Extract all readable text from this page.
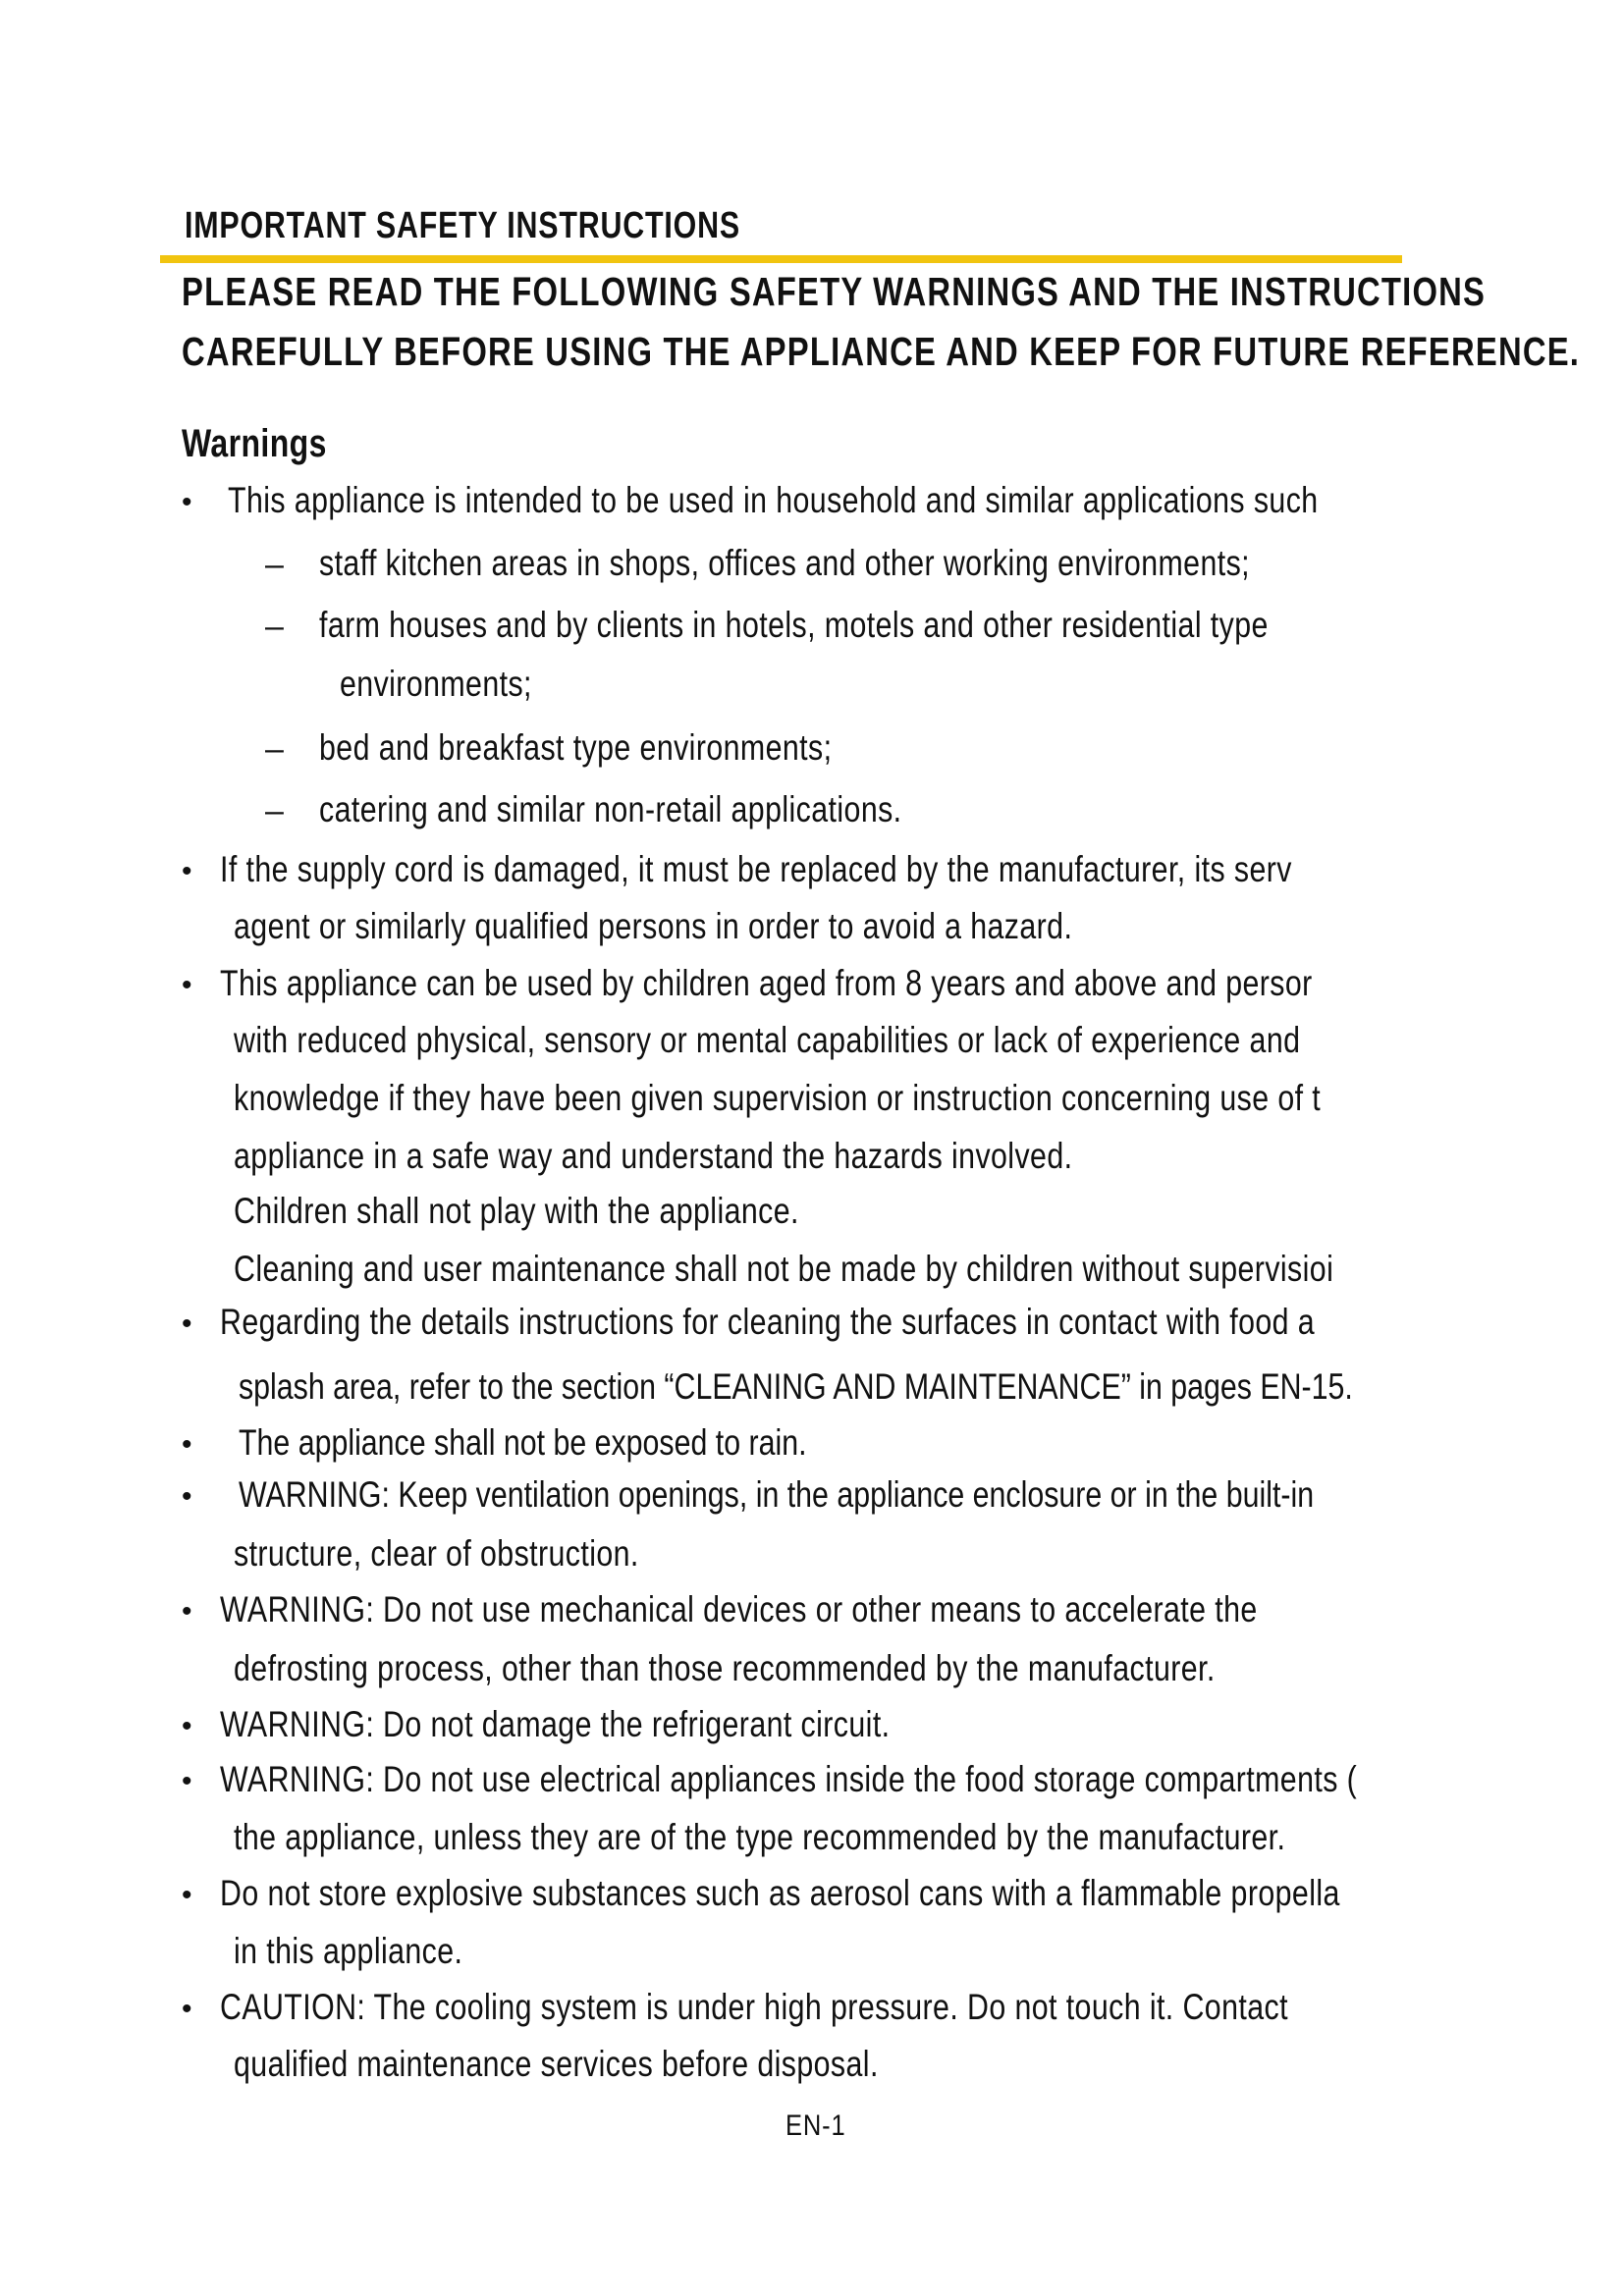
IMPORTANT SAFETY INSTRUCTIONS
PLEASE READ THE FOLLOWING SAFETY WARNINGS AND THE INSTRUCTIONS
CAREFULLY BEFORE USING THE APPLIANCE AND KEEP FOR FUTURE REFERENCE.
Warnings
• This appliance is intended to be used in household and similar applications such
– staff kitchen areas in shops, offices and other working environments;
– farm houses and by clients in hotels, motels and other residential type
environments;
– bed and breakfast type environments;
– catering and similar non-retail applications.
• If the supply cord is damaged, it must be replaced by the manufacturer, its serv
agent or similarly qualified persons in order to avoid a hazard.
• This appliance can be used by children aged from 8 years and above and persor
with reduced physical, sensory or mental capabilities or lack of experience and
knowledge if they have been given supervision or instruction concerning use of t
appliance in a safe way and understand the hazards involved.
Children shall not play with the appliance.
Cleaning and user maintenance shall not be made by children without supervisioi
• Regarding the details instructions for cleaning the surfaces in contact with food a
splash area, refer to the section “CLEANING AND MAINTENANCE” in pages EN-15.
• The appliance shall not be exposed to rain.
• WARNING: Keep ventilation openings, in the appliance enclosure or in the built-in
structure, clear of obstruction.
• WARNING: Do not use mechanical devices or other means to accelerate the
defrosting process, other than those recommended by the manufacturer.
• WARNING: Do not damage the refrigerant circuit.
• WARNING: Do not use electrical appliances inside the food storage compartments (
the appliance, unless they are of the type recommended by the manufacturer.
• Do not store explosive substances such as aerosol cans with a flammable propella
in this appliance.
• CAUTION: The cooling system is under high pressure. Do not touch it. Contact
qualified maintenance services before disposal.
EN-1
